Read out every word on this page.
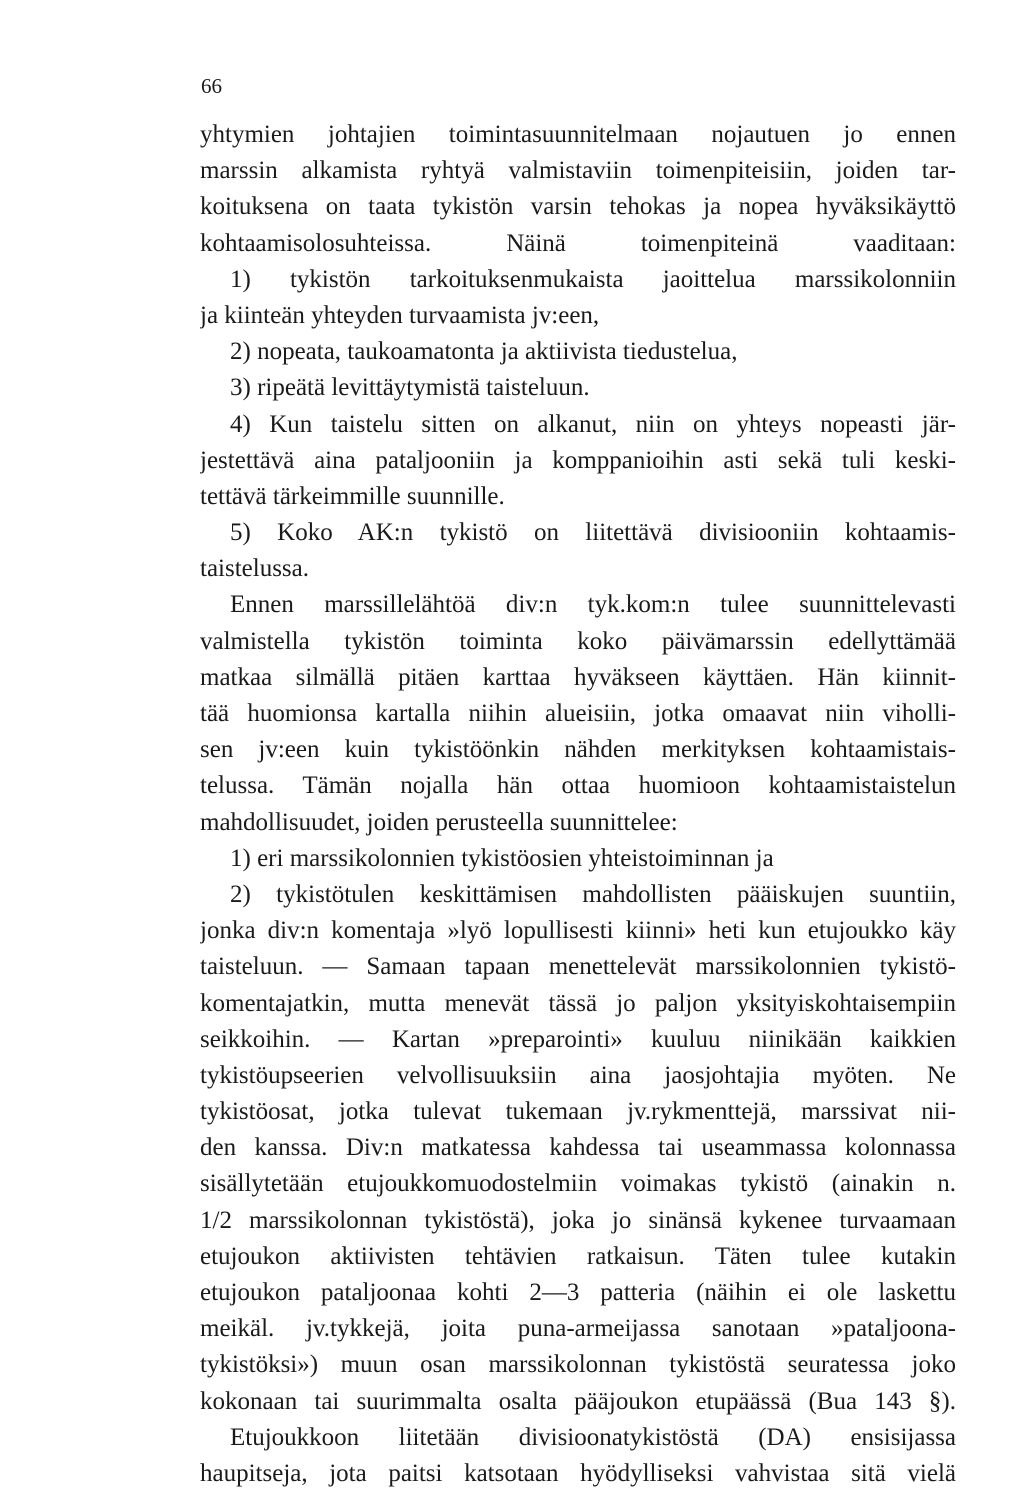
66
yhtymien johtajien toimintasuunnitelmaan nojautuen jo ennen
marssin alkamista ryhtyä valmistaviin toimenpiteisiin, joiden tar-
koituksena on taata tykistön varsin tehokas ja nopea hyväksikäyttö
kohtaamisolosuhteissa. Näinä toimenpiteinä vaaditaan:
1) tykistön tarkoituksenmukaista jaoittelua marssikolonniin
ja kiinteän yhteyden turvaamista jv:een,
2) nopeata, taukoamatonta ja aktiivista tiedustelua,
3) ripeätä levittäytymistä taisteluun.
4) Kun taistelu sitten on alkanut, niin on yhteys nopeasti jär-
jestettävä aina pataljooniin ja komppanioihin asti sekä tuli keski-
tettävä tärkeimmille suunnille.
5) Koko AK:n tykistö on liitettävä divisiooniin kohtaamis-
taistelussa.
Ennen marssillelähtöä div:n tyk.kom:n tulee suunnittelevasti
valmistella tykistön toiminta koko päivämarssin edellyttämää
matkaa silmällä pitäen karttaa hyväkseen käyttäen. Hän kiinnit-
tää huomionsa kartalla niihin alueisiin, jotka omaavat niin viholli-
sen jv:een kuin tykistöönkin nähden merkityksen kohtaamistais-
telussa. Tämän nojalla hän ottaa huomioon kohtaamistaistelun
mahdollisuudet, joiden perusteella suunnittelee:
1) eri marssikolonnien tykistöosien yhteistoiminnan ja
2) tykistötulen keskittämisen mahdollisten pääiskujen suuntiin,
jonka div:n komentaja »lyö lopullisesti kiinni» heti kun etujoukko käy
taisteluun. — Samaan tapaan menettelevät marssikolonnien tykistö-
komentajatkin, mutta menevät tässä jo paljon yksityiskohtaisempiin
seikkoihin. — Kartan »preparointi» kuuluu niinikään kaikkien
tykistöupseerien velvollisuuksiin aina jaosjohtajia myöten. Ne
tykistöosat, jotka tulevat tukemaan jv.rykmenttejä, marssivat nii-
den kanssa. Div:n matkatessa kahdessa tai useammassa kolonnassa
sisällytetään etujoukkomuodostelmiin voimakas tykistö (ainakin n.
1/2 marssikolonnan tykistöstä), joka jo sinänsä kykenee turvaamaan
etujoukon aktiivisten tehtävien ratkaisun. Täten tulee kutakin
etujoukon pataljoonaa kohti 2—3 patteria (näihin ei ole laskettu
meikäl. jv.tykkejä, joita puna-armeijassa sanotaan »pataljoona-
tykistöksi») muun osan marssikolonnan tykistöstä seuratessa joko
kokonaan tai suurimmalta osalta pääjoukon etupäässä (Bua 143 §).
Etujoukkoon liitetään divisioonatykistöstä (DA) ensisijassa
haupitseja, jota paitsi katsotaan hyödylliseksi vahvistaa sitä vielä
